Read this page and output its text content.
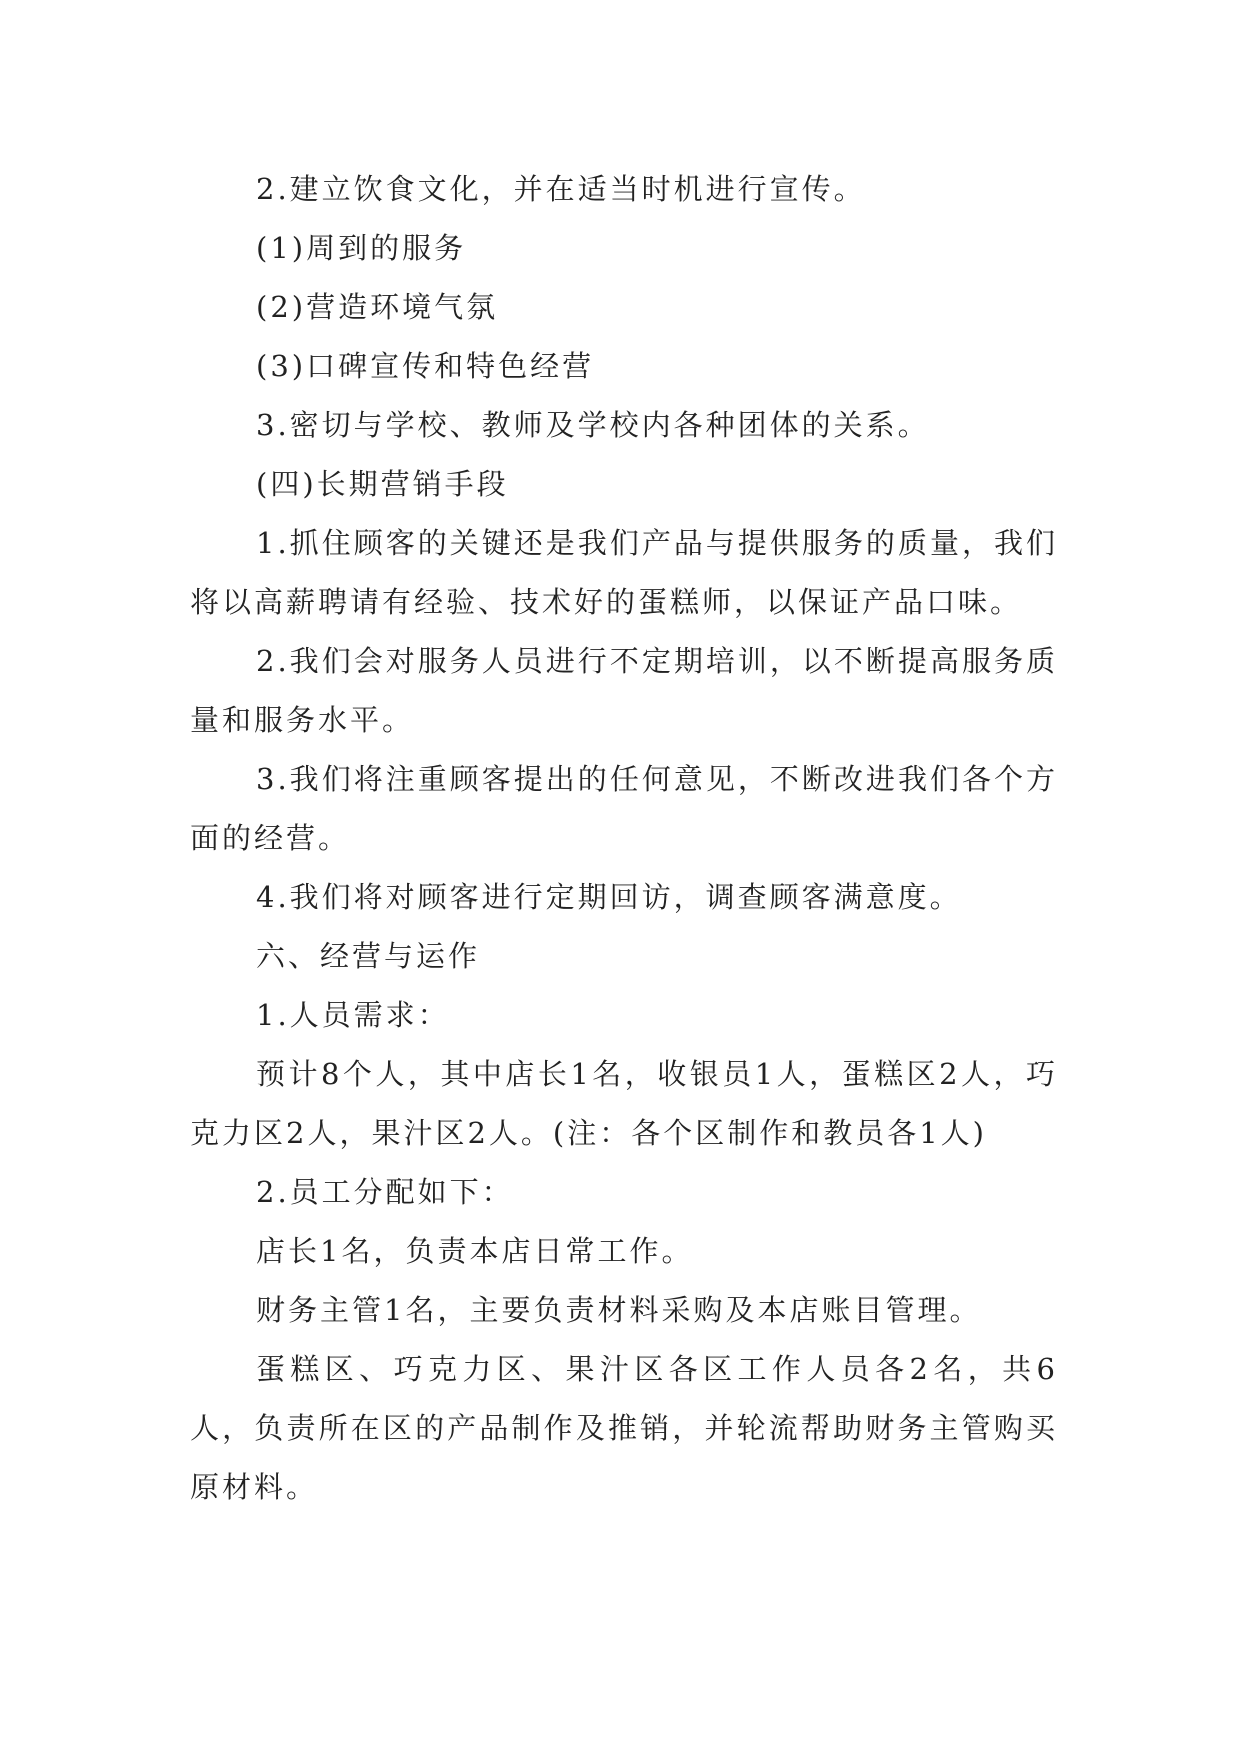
2.建立饮食文化，并在适当时机进行宣传。

(1)周到的服务

(2)营造环境气氛

(3)口碑宣传和特色经营

3.密切与学校、教师及学校内各种团体的关系。

(四)长期营销手段

1.抓住顾客的关键还是我们产品与提供服务的质量，我们将以高薪聘请有经验、技术好的蛋糕师，以保证产品口味。

2.我们会对服务人员进行不定期培训，以不断提高服务质量和服务水平。

3.我们将注重顾客提出的任何意见，不断改进我们各个方面的经营。

4.我们将对顾客进行定期回访，调查顾客满意度。

六、经营与运作

1.人员需求：

预计8个人，其中店长1名，收银员1人，蛋糕区2人，巧克力区2人，果汁区2人。(注：各个区制作和教员各1人)

2.员工分配如下：

店长1名，负责本店日常工作。

财务主管1名，主要负责材料采购及本店账目管理。

蛋糕区、巧克力区、果汁区各区工作人员各2名，共6人，负责所在区的产品制作及推销，并轮流帮助财务主管购买原材料。
